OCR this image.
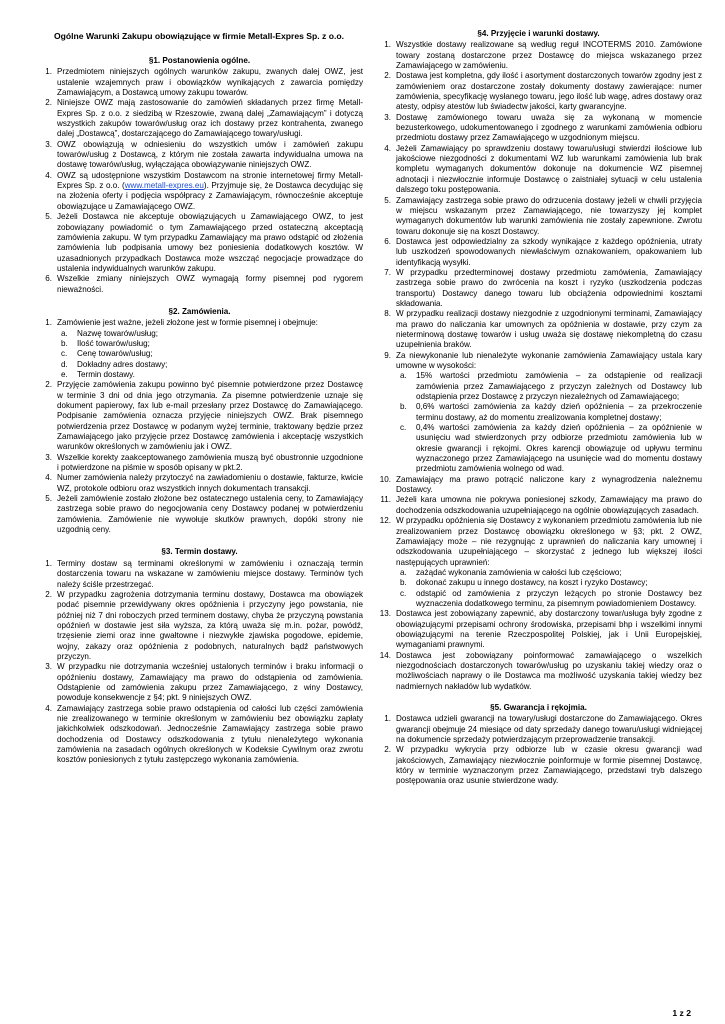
Ogólne Warunki Zakupu obowiązujące w firmie Metall-Expres Sp. z o.o.
§1. Postanowienia ogólne.
1. Przedmiotem niniejszych ogólnych warunków zakupu, zwanych dalej OWZ, jest ustalenie wzajemnych praw i obowiązków wynikających z zawarcia pomiędzy Zamawiającym, a Dostawcą umowy zakupu towarów.
2. Niniejsze OWZ mają zastosowanie do zamówień składanych przez firmę Metall-Expres Sp. z o.o. z siedzibą w Rzeszowie, zwaną dalej „Zamawiającym” i dotyczą wszystkich zakupów towarów/usług oraz ich dostawy przez kontrahenta, zwanego dalej „Dostawcą”, dostarczającego do Zamawiającego towary/usługi.
3. OWZ obowiązują w odniesieniu do wszystkich umów i zamówień zakupu towarów/usług z Dostawcą, z którym nie została zawarta indywidualna umowa na dostawę towarów/usług, wyłączająca obowiązywanie niniejszych OWZ.
4. OWZ są udostępnione wszystkim Dostawcom na stronie internetowej firmy Metall-Expres Sp. z o.o. (www.metall-expres.eu). Przyjmuje się, że Dostawca decydując się na złożenia oferty i podjęcia współpracy z Zamawiającym, równocześnie akceptuje obowiązujące u Zamawiającego OWZ.
5. Jeżeli Dostawca nie akceptuje obowiązujących u Zamawiającego OWZ, to jest zobowiązany powiadomić o tym Zamawiającego przed ostateczną akceptacją zamówienia zakupu. W tym przypadku Zamawiający ma prawo odstąpić od złożenia zamówienia lub podpisania umowy bez poniesienia dodatkowych kosztów. W uzasadnionych przypadkach Dostawca może wszcząć negocjacje prowadzące do ustalenia indywidualnych warunków zakupu.
6. Wszelkie zmiany niniejszych OWZ wymagają formy pisemnej pod rygorem nieważności.
§2. Zamówienia.
1. Zamówienie jest ważne, jeżeli złożone jest w formie pisemnej i obejmuje:
a. Nazwę towarów/usług;
b. Ilość towarów/usług;
c. Cenę towarów/usług;
d. Dokładny adres dostawy;
e. Termin dostawy.
2. Przyjęcie zamówienia zakupu powinno być pisemnie potwierdzone przez Dostawcę w terminie 3 dni od dnia jego otrzymania. Za pisemne potwierdzenie uznaje się dokument papierowy, fax lub e-mail przesłany przez Dostawcę do Zamawiającego. Podpisanie zamówienia oznacza przyjęcie niniejszych OWZ. Brak pisemnego potwierdzenia przez Dostawcę w podanym wyżej terminie, traktowany będzie przez Zamawiającego jako przyjęcie przez Dostawcę zamówienia i akceptację wszystkich warunków określonych w zamówieniu jak i OWZ.
3. Wszelkie korekty zaakceptowanego zamówienia muszą być obustronnie uzgodnione i potwierdzone na piśmie w sposób opisany w pkt.2.
4. Numer zamówienia należy przytoczyć na zawiadomieniu o dostawie, fakturze, kwicie WZ, protokole odbioru oraz wszystkich innych dokumentach transakcji.
5. Jeżeli zamówienie zostało złożone bez ostatecznego ustalenia ceny, to Zamawiający zastrzega sobie prawo do negocjowania ceny Dostawcy podanej w potwierdzeniu zamówienia. Zamówienie nie wywołuje skutków prawnych, dopóki strony nie uzgodnią ceny.
§3. Termin dostawy.
1. Terminy dostaw są terminami określonymi w zamówieniu i oznaczają termin dostarczenia towaru na wskazane w zamówieniu miejsce dostawy. Terminów tych należy ściśle przestrzegać.
2. W przypadku zagrożenia dotrzymania terminu dostawy, Dostawca ma obowiązek podać pisemnie przewidywany okres opóźnienia i przyczyny jego powstania, nie później niż 7 dni roboczych przed terminem dostawy, chyba że przyczyną powstania opóźnień w dostawie jest siła wyższa, za którą uważa się m.in. pożar, powódź, trzęsienie ziemi oraz inne gwałtowne i niezwykłe zjawiska pogodowe, epidemie, wojny, zakazy oraz opóźnienia z podobnych, naturalnych bądź państwowych przyczyn.
3. W przypadku nie dotrzymania wcześniej ustalonych terminów i braku informacji o opóźnieniu dostawy, Zamawiający ma prawo do odstąpienia od zamówienia. Odstąpienie od zamówienia zakupu przez Zamawiającego, z winy Dostawcy, powoduje konsekwencje z §4; pkt. 9 niniejszych OWZ.
4. Zamawiający zastrzega sobie prawo odstąpienia od całości lub części zamówienia nie zrealizowanego w terminie określonym w zamówieniu bez obowiązku zapłaty jakichkolwiek odszkodowań. Jednocześnie Zamawiający zastrzega sobie prawo dochodzenia od Dostawcy odszkodowania z tytułu nienależytego wykonania zamówienia na zasadach ogólnych określonych w Kodeksie Cywilnym oraz zwrotu kosztów poniesionych z tytułu zastępczego wykonania zamówienia.
§4. Przyjęcie i warunki dostawy.
1. Wszystkie dostawy realizowane są według reguł INCOTERMS 2010. Zamówione towary zostaną dostarczone przez Dostawcę do miejsca wskazanego przez Zamawiającego w zamówieniu.
2. Dostawa jest kompletna, gdy ilość i asortyment dostarczonych towarów zgodny jest z zamówieniem oraz dostarczone zostały dokumenty dostawy zawierające: numer zamówienia, specyfikację wysłanego towaru, jego ilość lub wagę, adres dostawy oraz atesty, odpisy atestów lub świadectw jakości, karty gwarancyjne.
3. Dostawę zamówionego towaru uważa się za wykonaną w momencie bezusterkowego, udokumentowanego i zgodnego z warunkami zamówienia odbioru przedmiotu dostawy przez Zamawiającego w uzgodnionym miejscu.
4. Jeżeli Zamawiający po sprawdzeniu dostawy towaru/usługi stwierdzi ilościowe lub jakościowe niezgodności z dokumentami WZ lub warunkami zamówienia lub brak kompletu wymaganych dokumentów dokonuje na dokumencie WZ pisemnej adnotacji i niezwłocznie informuje Dostawcę o zaistniałej sytuacji w celu ustalenia dalszego toku postępowania.
5. Zamawiający zastrzega sobie prawo do odrzucenia dostawy jeżeli w chwili przyjęcia w miejscu wskazanym przez Zamawiającego, nie towarzyszy jej komplet wymaganych dokumentów lub warunki zamówienia nie zostały zapewnione. Zwrotu towaru dokonuje się na koszt Dostawcy.
6. Dostawca jest odpowiedzialny za szkody wynikające z każdego opóźnienia, utraty lub uszkodzeń spowodowanych niewłaściwym oznakowaniem, opakowaniem lub identyfikacją wysyłki.
7. W przypadku przedterminowej dostawy przedmiotu zamówienia, Zamawiający zastrzega sobie prawo do zwrócenia na koszt i ryzyko (uszkodzenia podczas transportu) Dostawcy danego towaru lub obciążenia odpowiednimi kosztami składowania.
8. W przypadku realizacji dostawy niezgodnie z uzgodnionymi terminami, Zamawiający ma prawo do naliczania kar umownych za opóźnienia w dostawie, przy czym za nieterminową dostawę towarów i usług uważa się dostawę niekompletną do czasu uzupełnienia braków.
9. Za niewykonanie lub nienależyte wykonanie zamówienia Zamawiający ustala kary umowne w wysokości:
a. 15% wartości przedmiotu zamówienia – za odstąpienie od realizacji zamówienia przez Zamawiającego z przyczyn zależnych od Dostawcy lub odstąpienia przez Dostawcę z przyczyn niezależnych od Zamawiającego;
b. 0,6% wartości zamówienia za każdy dzień opóźnienia – za przekroczenie terminu dostawy, aż do momentu zrealizowania kompletnej dostawy;
c. 0,4% wartości zamówienia za każdy dzień opóźnienia – za opóźnienie w usunięciu wad stwierdzonych przy odbiorze przedmiotu zamówienia lub w okresie gwarancji i rękojmi. Okres karencji obowiązuje od upływu terminu wyznaczonego przez Zamawiającego na usunięcie wad do momentu dostawy przedmiotu zamówienia wolnego od wad.
10. Zamawiający ma prawo potrącić naliczone kary z wynagrodzenia należnemu Dostawcy.
11. Jeżeli kara umowna nie pokrywa poniesionej szkody, Zamawiający ma prawo do dochodzenia odszkodowania uzupełniającego na ogólnie obowiązujących zasadach.
12. W przypadku opóźnienia się Dostawcy z wykonaniem przedmiotu zamówienia lub nie zrealizowaniem przez Dostawcę obowiązku określonego w §3; pkt. 2 OWZ, Zamawiający może – nie rezygnując z uprawnień do naliczania kary umownej i odszkodowania uzupełniającego – skorzystać z jednego lub większej ilości następujących uprawnień:
a. zażądać wykonania zamówienia w całości lub częściowo;
b. dokonać zakupu u innego dostawcy, na koszt i ryzyko Dostawcy;
c. odstąpić od zamówienia z przyczyn leżących po stronie Dostawcy bez wyznaczenia dodatkowego terminu, za pisemnym powiadomieniem Dostawcy.
13. Dostawca jest zobowiązany zapewnić, aby dostarczony towar/usługa były zgodne z obowiązującymi przepisami ochrony środowiska, przepisami bhp i wszelkimi innymi obowiązującymi na terenie Rzeczpospolitej Polskiej, jak i Unii Europejskiej, wymaganiami prawnymi.
14. Dostawca jest zobowiązany poinformować zamawiającego o wszelkich niezgodnościach dostarczonych towarów/usług po uzyskaniu takiej wiedzy oraz o możliwościach naprawy o ile Dostawca ma możliwość uzyskania takiej wiedzy bez nadmiernych nakładów lub wydatków.
§5. Gwarancja i rękojmia.
1. Dostawca udzieli gwarancji na towary/usługi dostarczone do Zamawiającego. Okres gwarancji obejmuje 24 miesiące od daty sprzedaży danego towaru/usługi widniejącej na dokumencie sprzedaży potwierdzającym przeprowadzenie transakcji.
2. W przypadku wykrycia przy odbiorze lub w czasie okresu gwarancji wad jakościowych, Zamawiający niezwłocznie poinformuje w formie pisemnej Dostawcę, który w terminie wyznaczonym przez Zamawiającego, przedstawi tryb dalszego postępowania oraz usunie stwierdzone wady.
1 z 2
